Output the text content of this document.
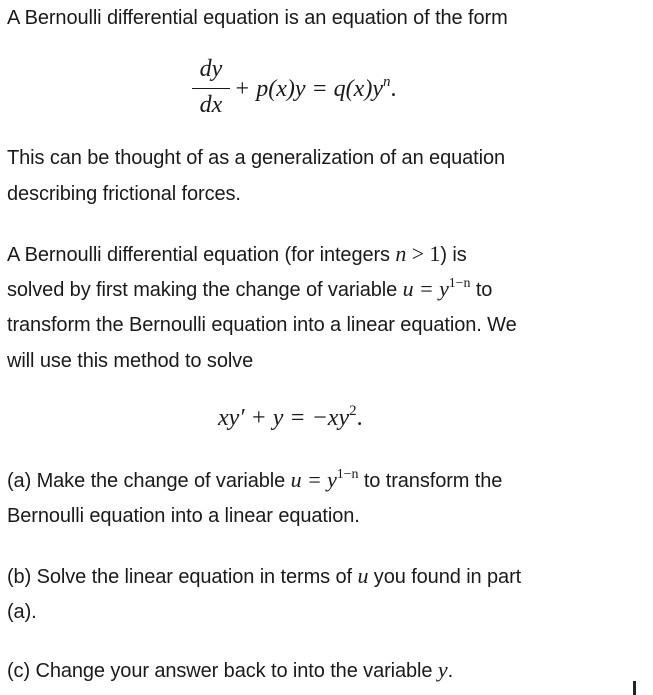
A Bernoulli differential equation is an equation of the form

dy
dx
+ $p(x)y = q(x)y^n$.

This can be thought of as a generalization of an equation

describing frictional forces.

A Bernoulli differential equation (for integers n > 1) is

solved by first making the change of variable $u = y^{1-n}$ to

transform the Bernoulli equation into a linear equation. We

will use this method to solve

$xy' + y = -xy^2$.

(a) Make the change of variable $u = y^{1-n}$ to transform the

Bernoulli equation into a linear equation.

(b) Solve the linear equation in terms of u you found in part

(a).

(c) Change your answer back to into the variable y.
